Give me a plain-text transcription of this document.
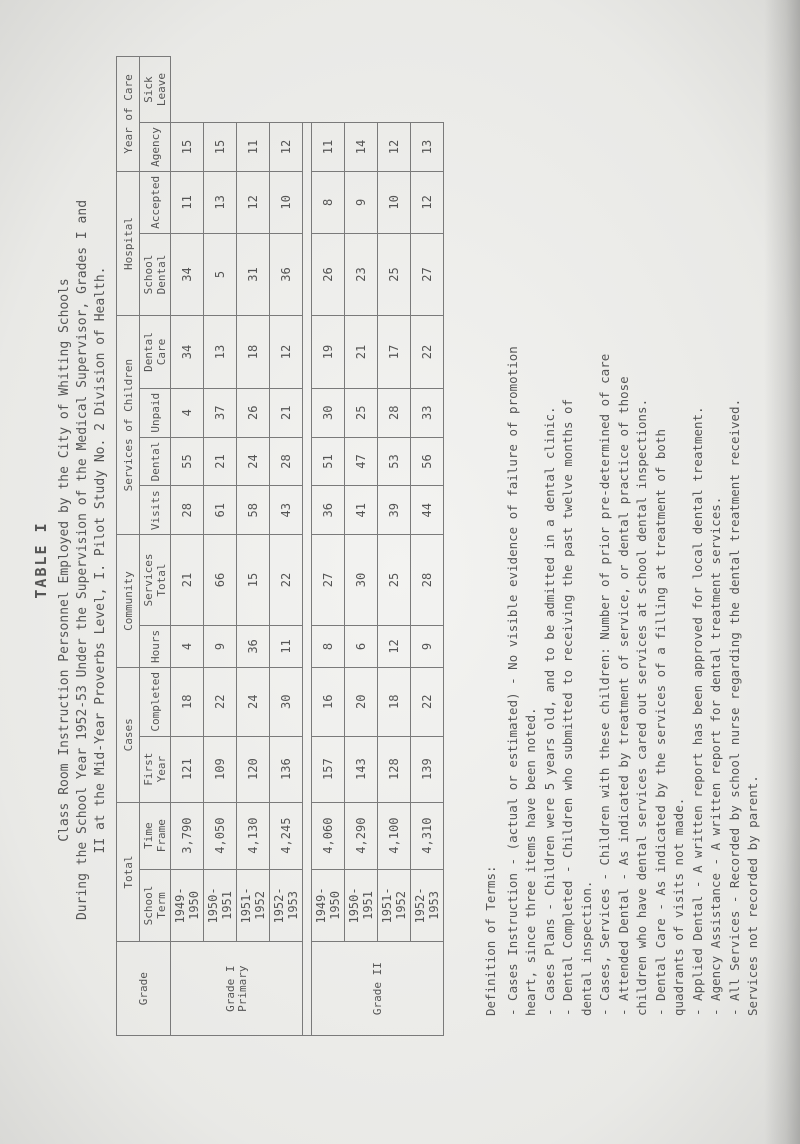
TABLE I Class Room Instruction Personnel Employed by the City of Whiting Schools During the School Year 1952-53 Under the Supervision of the Medical Supervisor, Grades I and II at the Mid-Year Proverbs Level, I. Pilot Study No. 2 Division of Health.
Grade	Total		Cases		Community		Services of Children				Hospital		Year of Care	
	School Term	Time Frame	First Year	Completed	Hours	Services Total	Visits	Dental	Unpaid	Dental Care	School Dental	Accepted	Agency	Sick Leave
Grade I Primary	1949-1950	3,790	121	18	4	21	28	55	4	34	34	11	15	
	1950-1951	4,050	109	22	9	66	61	21	37	13	5	13	15	
	1951-1952	4,130	120	24	36	15	58	24	26	18	31	12	11	
	1952-1953	4,245	136	30	11	22	43	28	21	12	36	10	12	

Grade II	1949-1950	4,060	157	16	8	27	36	51	30	19	26	8	11	
	1950-1951	4,290	143	20	6	30	41	47	25	21	23	9	14	
	1951-1952	4,100	128	18	12	25	39	53	28	17	25	10	12	
	1952-1953	4,310	139	22	9	28	44	56	33	22	27	12	13	
Definition of Terms: - Cases Instruction - (actual or estimated) - No visible evidence of failure of promotion heart, since three items have been noted. - Cases Plans - Children were 5 years old, and to be admitted in a dental clinic. - Dental Completed - Children who submitted to receiving the past twelve months of dental inspection. - Cases, Services - Children with these children: Number of prior pre-determined of care - Attended Dental - As indicated by treatment of service, or dental practice of those children who have dental services cared out services at school dental inspections. - Dental Care - As indicated by the services of a filling at treatment of both quadrants of visits not made. - Applied Dental - A written report has been approved for local dental treatment. - Agency Assistance - A written report for dental treatment services. - All Services - Recorded by school nurse regarding the dental treatment received. Services not recorded by parent.
